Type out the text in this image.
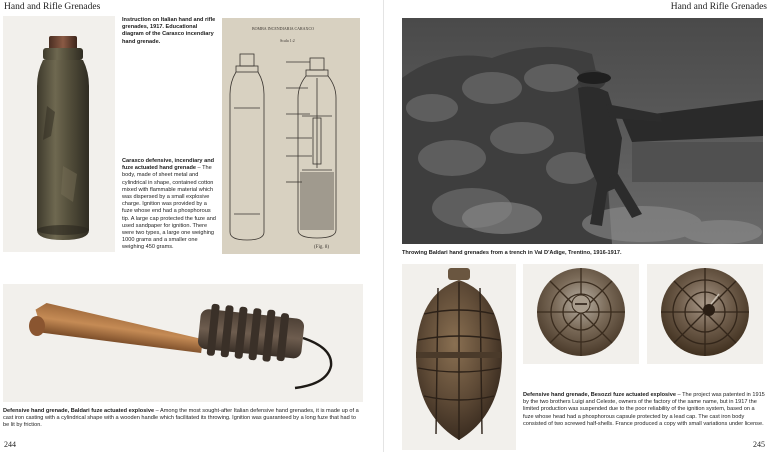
Hand and Rifle Grenades
Instruction on Italian hand and rifle grenades, 1917. Educational diagram of the Caraxco incendiary hand grenade.
BOMBA INCENDIARIA CARAXCO
Scala 1:2
(Fig. 8)
Caraxco defensive, incendiary and fuze actuated hand grenade – The body, made of sheet metal and cylindrical in shape, contained cotton mixed with flammable material which was dispersed by a small explosive charge. Ignition was provided by a fuze whose end had a phosphorous tip. A large cap protected the fuze and used sandpaper for ignition. There were two types, a large one weighing 1000 grams and a smaller one weighing 450 grams.
Defensive hand grenade, Baldari fuze actuated explosive – Among the most sought-after Italian defensive hand grenades, it is made up of a cast iron casting with a cylindrical shape with a wooden handle which facilitated its throwing. Ignition was guaranteed by a long fuze that had to be lit by friction.
244
Hand and Rifle Grenades
Throwing Baldari hand grenades from a trench in Val D'Adige, Trentino, 1916-1917.
Defensive hand grenade, Besozzi fuze actuated explosive – The project was patented in 1915 by the two brothers Luigi and Celeste, owners of the factory of the same name, but in 1917 the limited production was suspended due to the poor reliability of the ignition system, based on a fuze whose head had a phosphorous capsule protected by a lead cap. The cast iron body consisted of two screwed half-shells. France produced a copy with small variations under license.
245
